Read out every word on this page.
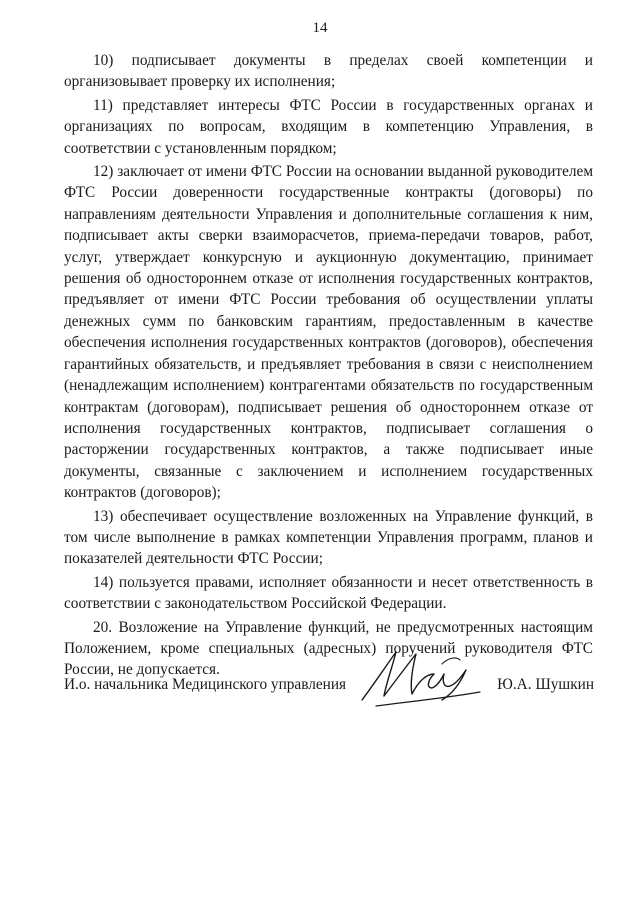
14

10) подписывает документы в пределах своей компетенции и организовывает проверку их исполнения;

11) представляет интересы ФТС России в государственных органах и организациях по вопросам, входящим в компетенцию Управления, в соответствии с установленным порядком;

12) заключает от имени ФТС России на основании выданной руководителем ФТС России доверенности государственные контракты (договоры) по направлениям деятельности Управления и дополнительные соглашения к ним, подписывает акты сверки взаиморасчетов, приема-передачи товаров, работ, услуг, утверждает конкурсную и аукционную документацию, принимает решения об одностороннем отказе от исполнения государственных контрактов, предъявляет от имени ФТС России требования об осуществлении уплаты денежных сумм по банковским гарантиям, предоставленным в качестве обеспечения исполнения государственных контрактов (договоров), обеспечения гарантийных обязательств, и предъявляет требования в связи с неисполнением (ненадлежащим исполнением) контрагентами обязательств по государственным контрактам (договорам), подписывает решения об одностороннем отказе от исполнения государственных контрактов, подписывает соглашения о расторжении государственных контрактов, а также подписывает иные документы, связанные с заключением и исполнением государственных контрактов (договоров);

13) обеспечивает осуществление возложенных на Управление функций, в том числе выполнение в рамках компетенции Управления программ, планов и показателей деятельности ФТС России;

14) пользуется правами, исполняет обязанности и несет ответственность в соответствии с законодательством Российской Федерации.

20. Возложение на Управление функций, не предусмотренных настоящим Положением, кроме специальных (адресных) поручений руководителя ФТС России, не допускается.

И.о. начальника Медицинского управления	Ю.А. Шушкин
